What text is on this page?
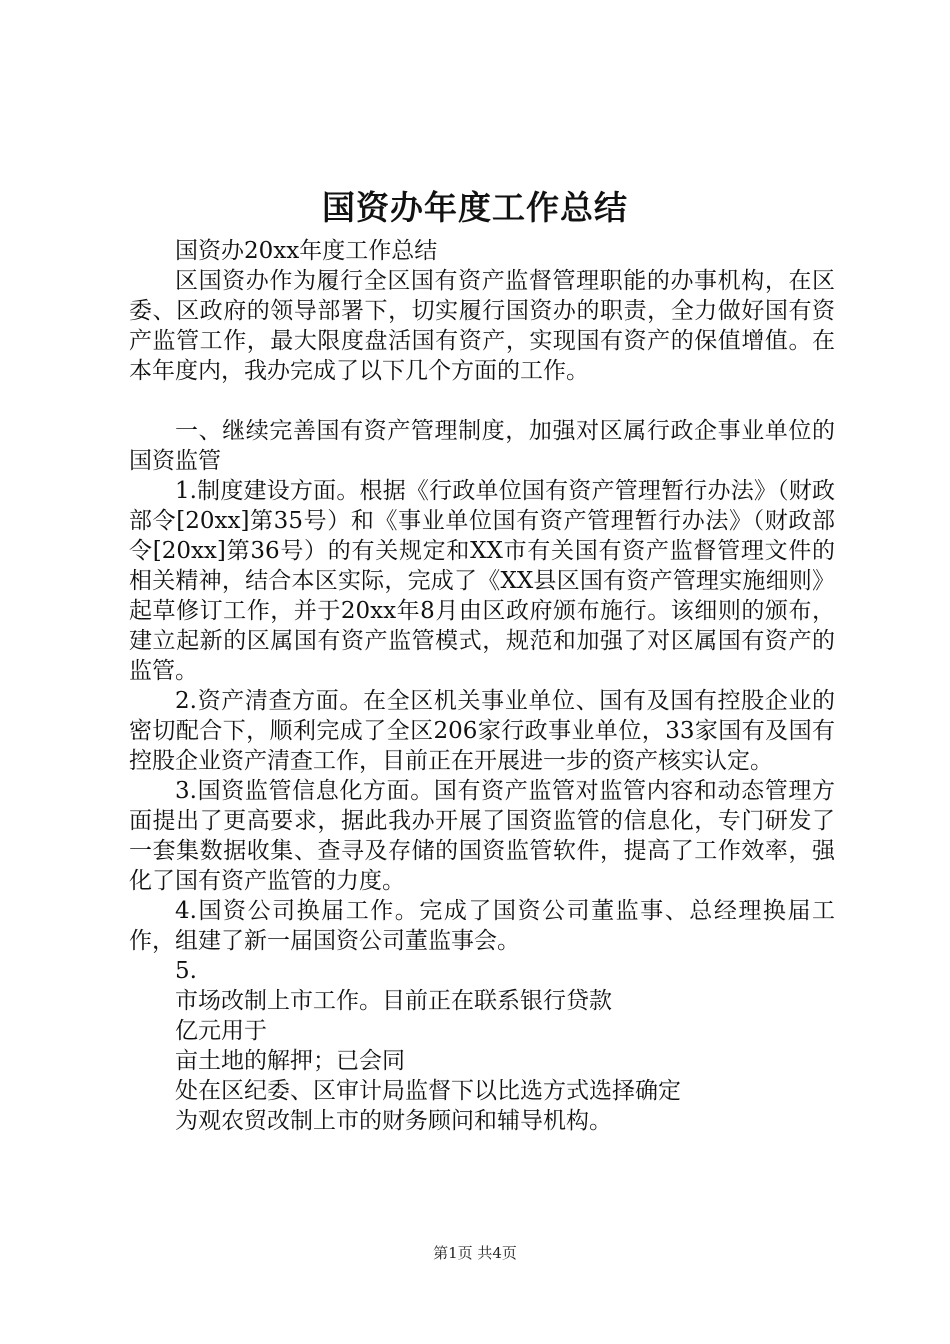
国资办年度工作总结

国资办20xx年度工作总结

区国资办作为履行全区国有资产监督管理职能的办事机构，在区委、区政府的领导部署下，切实履行国资办的职责，全力做好国有资产监管工作，最大限度盘活国有资产，实现国有资产的保值增值。在本年度内，我办完成了以下几个方面的工作。

一、继续完善国有资产管理制度，加强对区属行政企事业单位的国资监管

1.制度建设方面。根据《行政单位国有资产管理暂行办法》（财政部令[20xx]第35号）和《事业单位国有资产管理暂行办法》（财政部令[20xx]第36号）的有关规定和XX市有关国有资产监督管理文件的相关精神，结合本区实际，完成了《XX县区国有资产管理实施细则》起草修订工作，并于20xx年8月由区政府颁布施行。该细则的颁布，建立起新的区属国有资产监管模式，规范和加强了对区属国有资产的监管。

2.资产清查方面。在全区机关事业单位、国有及国有控股企业的密切配合下，顺利完成了全区206家行政事业单位，33家国有及国有控股企业资产清查工作，目前正在开展进一步的资产核实认定。

3.国资监管信息化方面。国有资产监管对监管内容和动态管理方面提出了更高要求，据此我办开展了国资监管的信息化，专门研发了一套集数据收集、查寻及存储的国资监管软件，提高了工作效率，强化了国有资产监管的力度。

4.国资公司换届工作。完成了国资公司董监事、总经理换届工作，组建了新一届国资公司董监事会。

5.
市场改制上市工作。目前正在联系银行贷款
亿元用于
亩土地的解押；已会同
处在区纪委、区审计局监督下以比选方式选择确定
为观农贸改制上市的财务顾问和辅导机构。
第1页 共4页
